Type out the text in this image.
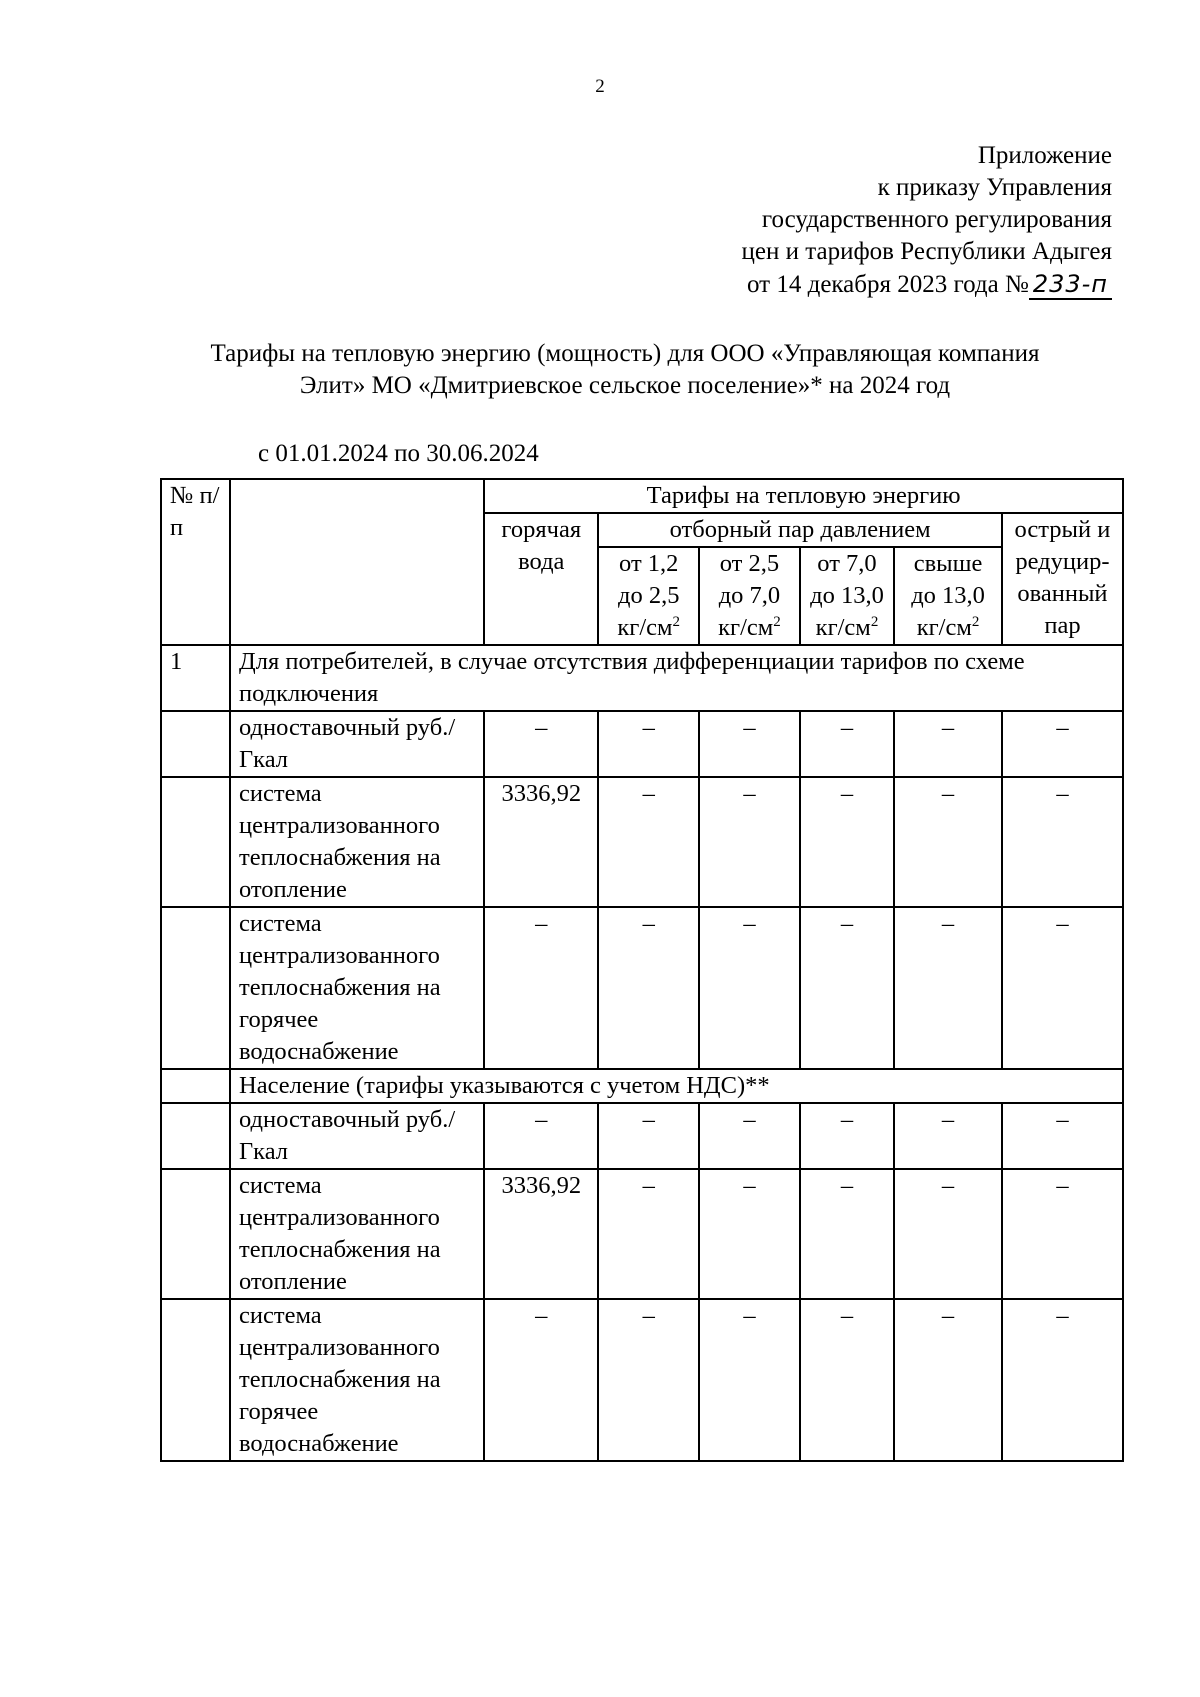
2
Приложение
к приказу Управления
государственного регулирования
цен и тарифов Республики Адыгея
от 14 декабря 2023 года № 233-п
Тарифы на тепловую энергию (мощность) для ООО «Управляющая компания
Элит» МО «Дмитриевское сельское поселение»* на 2024 год
с 01.01.2024 по 30.06.2024
№ п/п		Тарифы на тепловую энергию					
		горячая вода	отборный пар давлением				острый и редуцир-ованный пар
			от 1,2 до 2,5 $кг/см^2$	от 2,5 до 7,0 $кг/см^2$	от 7,0 до 13,0 $кг/см^2$	свыше до 13,0 $кг/см^2$
1	Для потребителей, в случае отсутствия дифференциации тарифов по схеме подключения						
	одноставочный руб./Гкал	–	–	–	–	–	–
	система централизованного теплоснабжения на отопление	3336,92	–	–	–	–	–
	система централизованного теплоснабжения на горячее водоснабжение	–	–	–	–	–	–
	Население (тарифы указываются с учетом НДС)**						
	одноставочный руб./Гкал	–	–	–	–	–	–
	система централизованного теплоснабжения на отопление	3336,92	–	–	–	–	–
	система централизованного теплоснабжения на горячее водоснабжение	–	–	–	–	–	–
